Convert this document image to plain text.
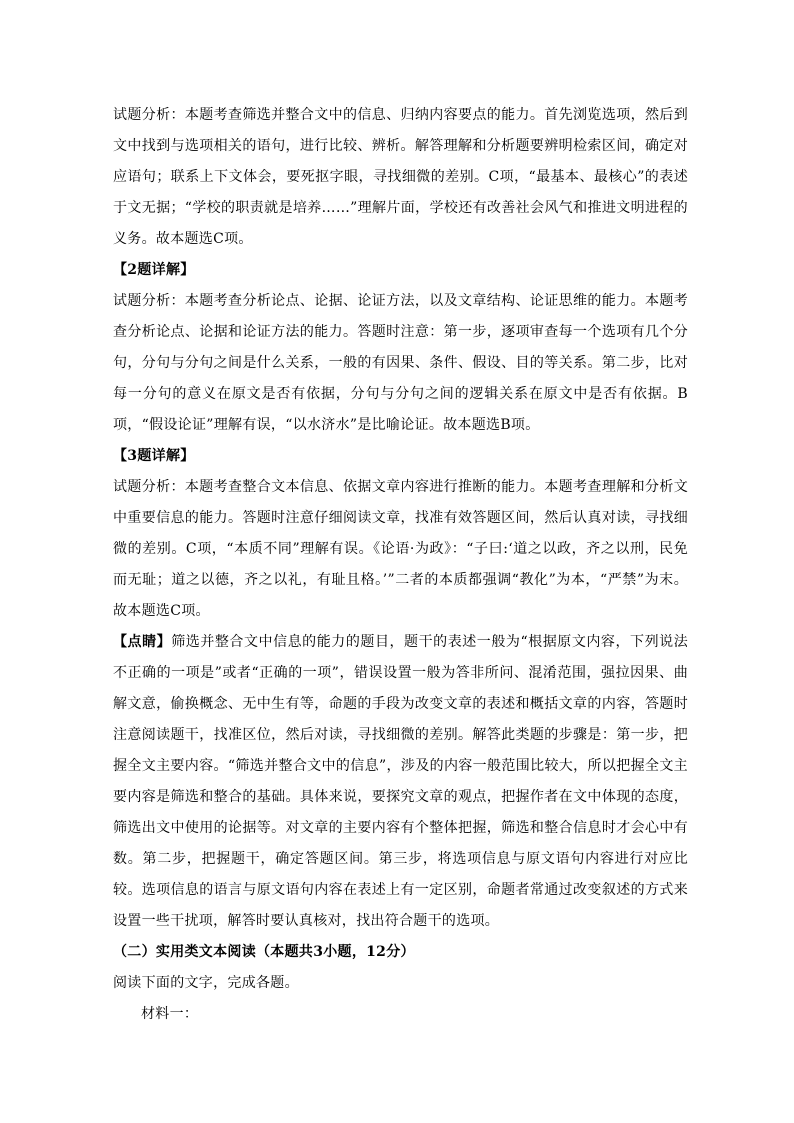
试题分析：本题考查筛选并整合文中的信息、归纳内容要点的能力。首先浏览选项，然后到文中找到与选项相关的语句，进行比较、辨析。解答理解和分析题要辨明检索区间，确定对应语句；联系上下文体会，要死抠字眼，寻找细微的差别。C项，“最基本、最核心”的表述于文无据；“学校的职责就是培养……”理解片面，学校还有改善社会风气和推进文明进程的义务。故本题选C项。

【2题详解】

试题分析：本题考查分析论点、论据、论证方法，以及文章结构、论证思维的能力。本题考查分析论点、论据和论证方法的能力。答题时注意：第一步，逐项审查每一个选项有几个分句，分句与分句之间是什么关系，一般的有因果、条件、假设、目的等关系。第二步，比对每一分句的意义在原文是否有依据，分句与分句之间的逻辑关系在原文中是否有依据。B项，“假设论证”理解有误，“以水济水”是比喻论证。故本题选B项。

【3题详解】

试题分析：本题考查整合文本信息、依据文章内容进行推断的能力。本题考查理解和分析文中重要信息的能力。答题时注意仔细阅读文章，找准有效答题区间，然后认真对读，寻找细微的差别。C项，“本质不同”理解有误。《论语·为政》：“子曰:‘道之以政，齐之以刑，民免而无耻；道之以德，齐之以礼，有耻且格。’”二者的本质都强调“教化”为本，“严禁”为末。故本题选C项。

【点睛】筛选并整合文中信息的能力的题目，题干的表述一般为“根据原文内容，下列说法不正确的一项是”或者“正确的一项”，错误设置一般为答非所问、混淆范围，强拉因果、曲解文意，偷换概念、无中生有等，命题的手段为改变文章的表述和概括文章的内容，答题时注意阅读题干，找准区位，然后对读，寻找细微的差别。解答此类题的步骤是：第一步，把握全文主要内容。“筛选并整合文中的信息”，涉及的内容一般范围比较大，所以把握全文主要内容是筛选和整合的基础。具体来说，要探究文章的观点，把握作者在文中体现的态度，筛选出文中使用的论据等。对文章的主要内容有个整体把握，筛选和整合信息时才会心中有数。第二步，把握题干，确定答题区间。第三步，将选项信息与原文语句内容进行对应比较。选项信息的语言与原文语句内容在表述上有一定区别，命题者常通过改变叙述的方式来设置一些干扰项，解答时要认真核对，找出符合题干的选项。

（二）实用类文本阅读（本题共3小题，12分）

阅读下面的文字，完成各题。

材料一：
